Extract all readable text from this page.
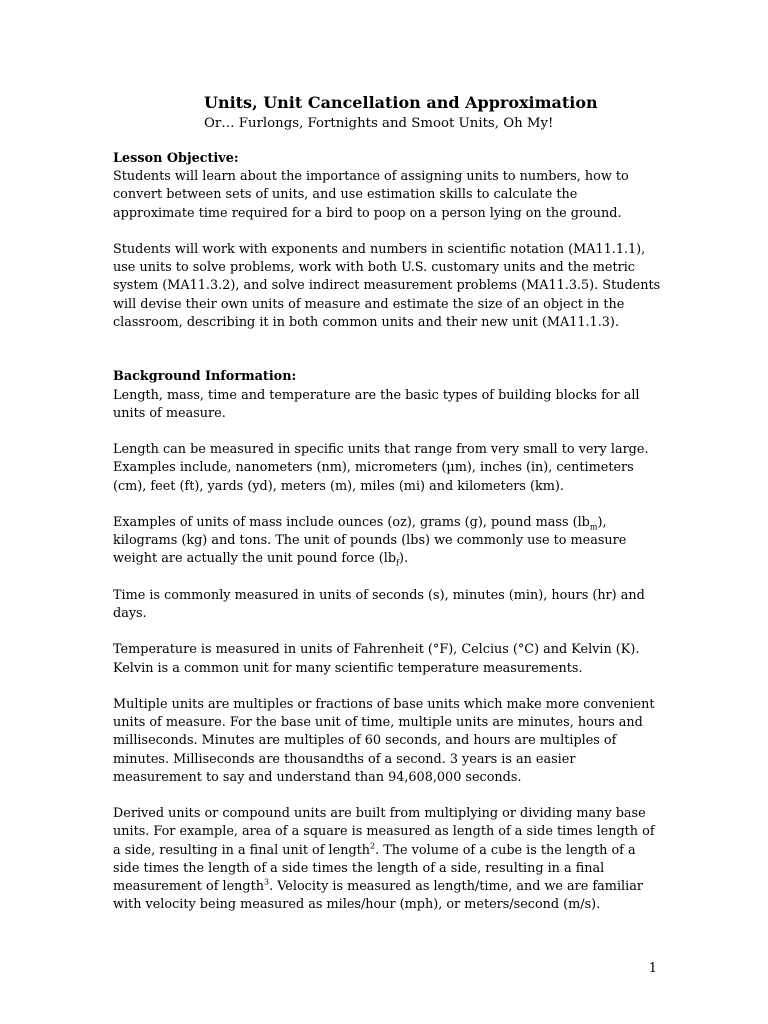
Units, Unit Cancellation and Approximation
Or… Furlongs, Fortnights and Smoot Units, Oh My!

Lesson Objective:
Students will learn about the importance of assigning units to numbers, how to convert between sets of units, and use estimation skills to calculate the approximate time required for a bird to poop on a person lying on the ground.

Students will work with exponents and numbers in scientific notation (MA11.1.1), use units to solve problems, work with both U.S. customary units and the metric system (MA11.3.2), and solve indirect measurement problems (MA11.3.5). Students will devise their own units of measure and estimate the size of an object in the classroom, describing it in both common units and their new unit (MA11.1.3).

Background Information:
Length, mass, time and temperature are the basic types of building blocks for all units of measure.

Length can be measured in specific units that range from very small to very large. Examples include, nanometers (nm), micrometers (µm), inches (in), centimeters (cm), feet (ft), yards (yd), meters (m), miles (mi) and kilometers (km).

Examples of units of mass include ounces (oz), grams (g), pound mass $(lb_m)$, kilograms (kg) and tons. The unit of pounds (lbs) we commonly use to measure weight are actually the unit pound force $(lb_f)$.

Time is commonly measured in units of seconds (s), minutes (min), hours (hr) and days.

Temperature is measured in units of Fahrenheit (°F), Celcius (°C) and Kelvin (K). Kelvin is a common unit for many scientific temperature measurements.

Multiple units are multiples or fractions of base units which make more convenient units of measure. For the base unit of time, multiple units are minutes, hours and milliseconds. Minutes are multiples of 60 seconds, and hours are multiples of minutes. Milliseconds are thousandths of a second. 3 years is an easier measurement to say and understand than 94,608,000 seconds.

Derived units or compound units are built from multiplying or dividing many base units. For example, area of a square is measured as length of a side times length of a side, resulting in a final unit of length$^2$. The volume of a cube is the length of a side times the length of a side times the length of a side, resulting in a final measurement of length$^3$. Velocity is measured as length/time, and we are familiar with velocity being measured as miles/hour (mph), or meters/second (m/s).

1
